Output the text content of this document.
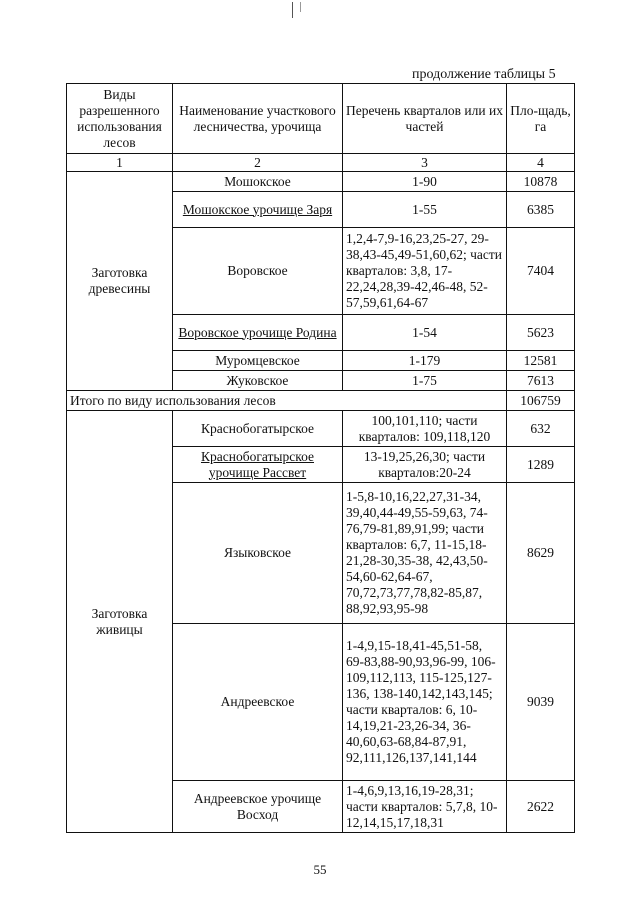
продолжение таблицы 5
Виды разрешенного использования лесов	Наименование участкового лесничества, урочища	Перечень кварталов или их частей	Пло-щадь, га
1	2	3	4
Заготовка древесины	Мошокское	1-90	10878
	Мошокское урочище Заря	1-55	6385
	Воровское	1,2,4-7,9-16,23,25-27, 29-38,43-45,49-51,60,62; части кварталов: 3,8, 17-22,24,28,39-42,46-48, 52-57,59,61,64-67	7404
	Воровское урочище Родина	1-54	5623
	Муромцевское	1-179	12581
	Жуковское	1-75	7613
Итого по виду использования лесов			106759
Заготовка живицы	Краснобогатырское	100,101,110; части кварталов: 109,118,120	632
	Краснобогатырское урочище Рассвет	13-19,25,26,30; части кварталов:20-24	1289
	Языковское	1-5,8-10,16,22,27,31-34, 39,40,44-49,55-59,63, 74-76,79-81,89,91,99; части кварталов: 6,7, 11-15,18-21,28-30,35-38, 42,43,50-54,60-62,64-67, 70,72,73,77,78,82-85,87, 88,92,93,95-98	8629
	Андреевское	1-4,9,15-18,41-45,51-58, 69-83,88-90,93,96-99, 106-109,112,113, 115-125,127-136, 138-140,142,143,145; части кварталов: 6, 10-14,19,21-23,26-34, 36-40,60,63-68,84-87,91, 92,111,126,137,141,144	9039
	Андреевское урочище Восход	1-4,6,9,13,16,19-28,31; части кварталов: 5,7,8, 10-12,14,15,17,18,31	2622
55
